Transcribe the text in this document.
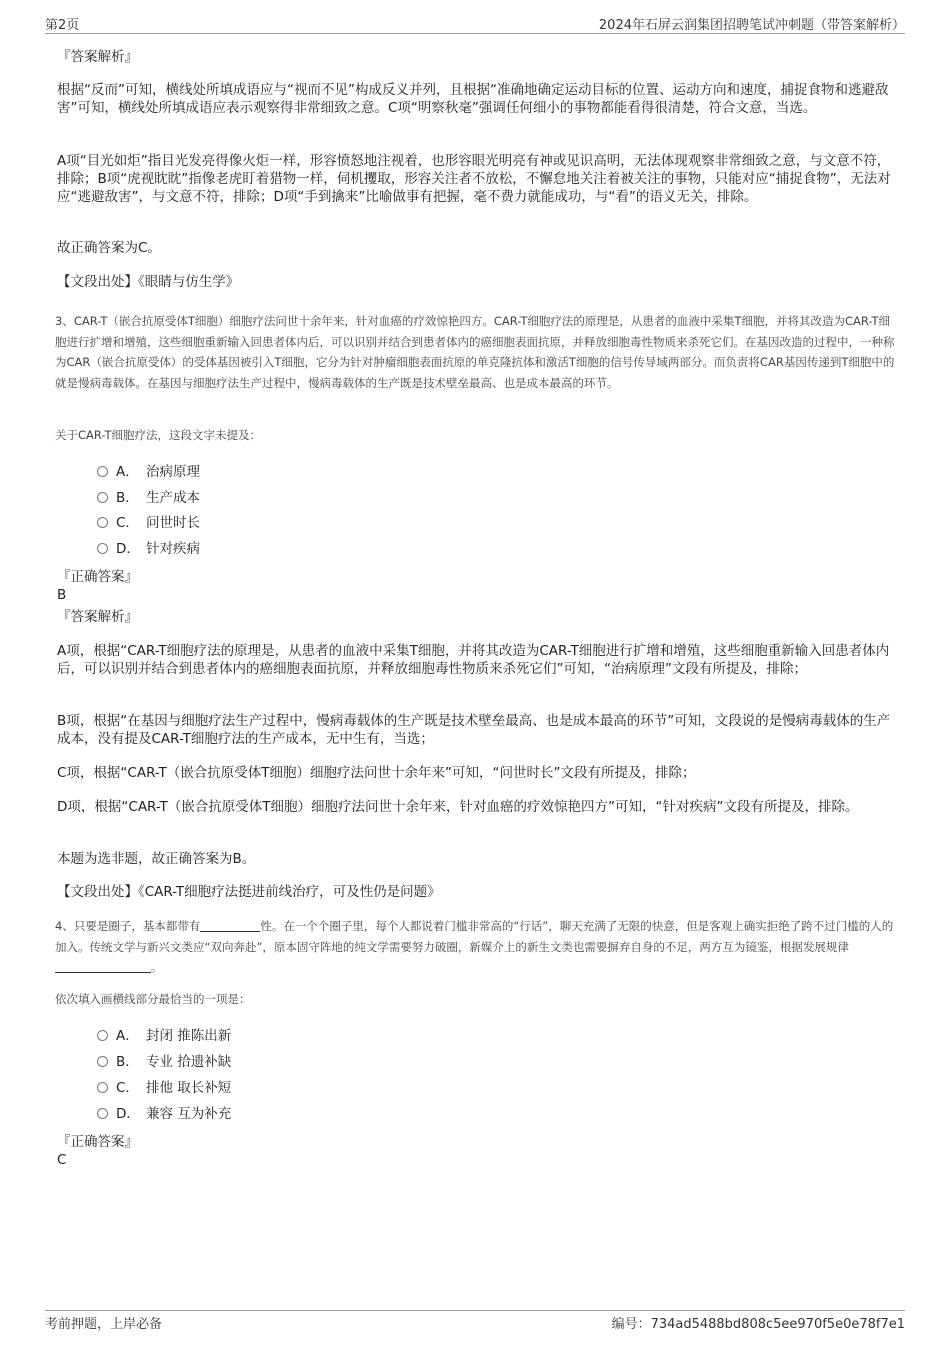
第2页	2024年石屏云润集团招聘笔试冲刺题（带答案解析）

『答案解析』

根据“反而”可知，横线处所填成语应与“视而不见”构成反义并列，且根据“准确地确定运动目标的位置、运动方向和速度，捕捉食物和逃避敌害”可知，横线处所填成语应表示观察得非常细致之意。C项“明察秋毫”强调任何细小的事物都能看得很清楚，符合文意，当选。

A项“目光如炬”指目光发亮得像火炬一样，形容愤怒地注视着，也形容眼光明亮有神或见识高明，无法体现观察非常细致之意，与文意不符，排除；B项“虎视眈眈”指像老虎盯着猎物一样，伺机攫取，形容关注者不放松，不懈怠地关注着被关注的事物，只能对应“捕捉食物”，无法对应“逃避敌害”，与文意不符，排除；D项“手到擒来”比喻做事有把握，毫不费力就能成功，与“看”的语义无关，排除。

故正确答案为C。

【文段出处】《眼睛与仿生学》

3、CAR-T（嵌合抗原受体T细胞）细胞疗法问世十余年来，针对血癌的疗效惊艳四方。CAR-T细胞疗法的原理是，从患者的血液中采集T细胞，并将其改造为CAR-T细胞进行扩增和增殖，这些细胞重新输入回患者体内后，可以识别并结合到患者体内的癌细胞表面抗原，并释放细胞毒性物质来杀死它们。在基因改造的过程中，一种称为CAR（嵌合抗原受体）的受体基因被引入T细胞，它分为针对肿瘤细胞表面抗原的单克隆抗体和激活T细胞的信号传导域两部分。而负责将CAR基因传递到T细胞中的就是慢病毒载体。在基因与细胞疗法生产过程中，慢病毒载体的生产既是技术壁垒最高、也是成本最高的环节。

关于CAR-T细胞疗法，这段文字未提及：

A． 治病原理
B． 生产成本
C． 问世时长
D． 针对疾病

『正确答案』

B

『答案解析』

A项，根据“CAR-T细胞疗法的原理是，从患者的血液中采集T细胞，并将其改造为CAR-T细胞进行扩增和增殖，这些细胞重新输入回患者体内后，可以识别并结合到患者体内的癌细胞表面抗原，并释放细胞毒性物质来杀死它们”可知，“治病原理”文段有所提及，排除；

B项，根据“在基因与细胞疗法生产过程中，慢病毒载体的生产既是技术壁垒最高、也是成本最高的环节”可知，文段说的是慢病毒载体的生产成本，没有提及CAR-T细胞疗法的生产成本，无中生有，当选；

C项，根据“CAR-T（嵌合抗原受体T细胞）细胞疗法问世十余年来”可知，“问世时长”文段有所提及，排除；

D项，根据“CAR-T（嵌合抗原受体T细胞）细胞疗法问世十余年来，针对血癌的疗效惊艳四方”可知，“针对疾病”文段有所提及，排除。

本题为选非题，故正确答案为B。

【文段出处】《CAR-T细胞疗法挺进前线治疗，可及性仍是问题》

4、只要是圈子，基本都带有	性。在一个个圈子里，每个人都说着门槛非常高的“行话”，聊天充满了无限的快意，但是客观上确实拒绝了跨不过门槛的人的加入。传统文学与新兴文类应“双向奔赴”，原本固守阵地的纯文学需要努力破圈，新媒介上的新生文类也需要摒弃自身的不足，两方互为镜鉴，根据发展规律。

依次填入画横线部分最恰当的一项是：

A． 封闭 推陈出新
B． 专业 拾遗补缺
C． 排他 取长补短
D． 兼容 互为补充

『正确答案』

C

考前押题，上岸必备	编号：734ad5488bd808c5ee970f5e0e78f7e1
